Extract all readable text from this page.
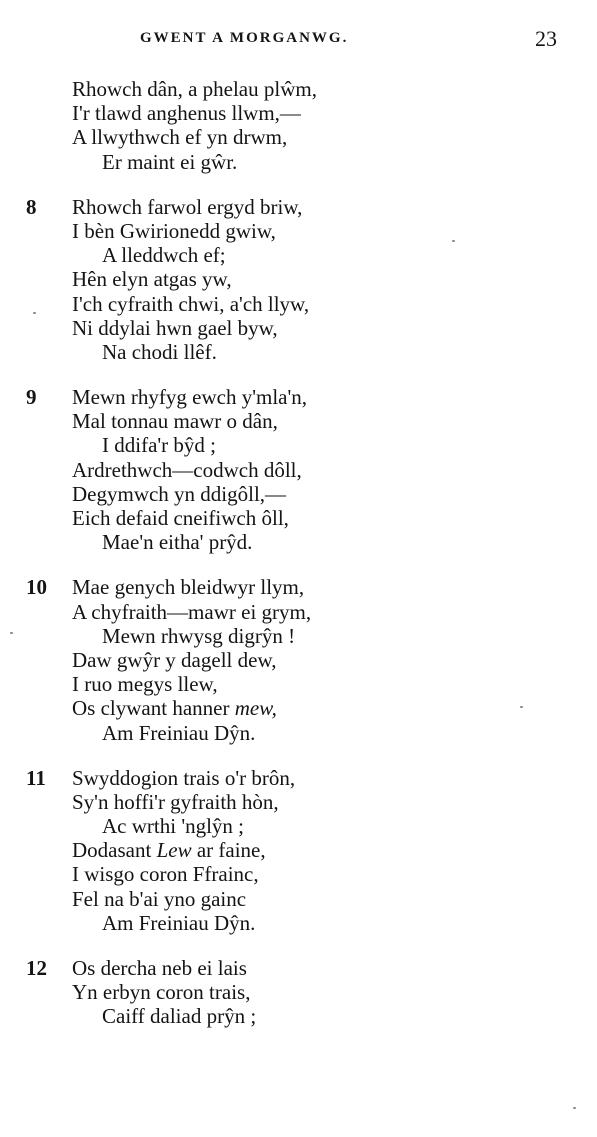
GWENT A MORGANWG.	23
Rhowch dân, a phelau plŵm,
I'r tlawd anghenus llwm,—
A llwythwch ef yn drwm,
Er maint ei gŵr.
8	Rhowch farwol ergyd briw,
I bèn Gwirionedd gwiw,
A lleddwch ef;
Hên elyn atgas yw,
I'ch cyfraith chwi, a'ch llyw,
Ni ddylai hwn gael byw,
Na chodi llêf.
9	Mewn rhyfyg ewch y'mla'n,
Mal tonnau mawr o dân,
I ddifa'r bŷd ;
Ardrethwch—codwch dôll,
Degymwch yn ddigôll,—
Eich defaid cneifiwch ôll,
Mae'n eitha' prŷd.
10	Mae genych bleidwyr llym,
A chyfraith—mawr ei grym,
Mewn rhwysg digrŷn !
Daw gwŷr y dagell dew,
I ruo megys llew,
Os clywant hanner mew,
Am Freiniau Dŷn.
11	Swyddogion trais o'r brôn,
Sy'n hoffi'r gyfraith hòn,
Ac wrthi 'nglŷn ;
Dodasant Lew ar faine,
I wisgo coron Ffrainc,
Fel na b'ai yno gainc
Am Freiniau Dŷn.
12	Os dercha neb ei lais
Yn erbyn coron trais,
Caiff daliad prŷn ;
